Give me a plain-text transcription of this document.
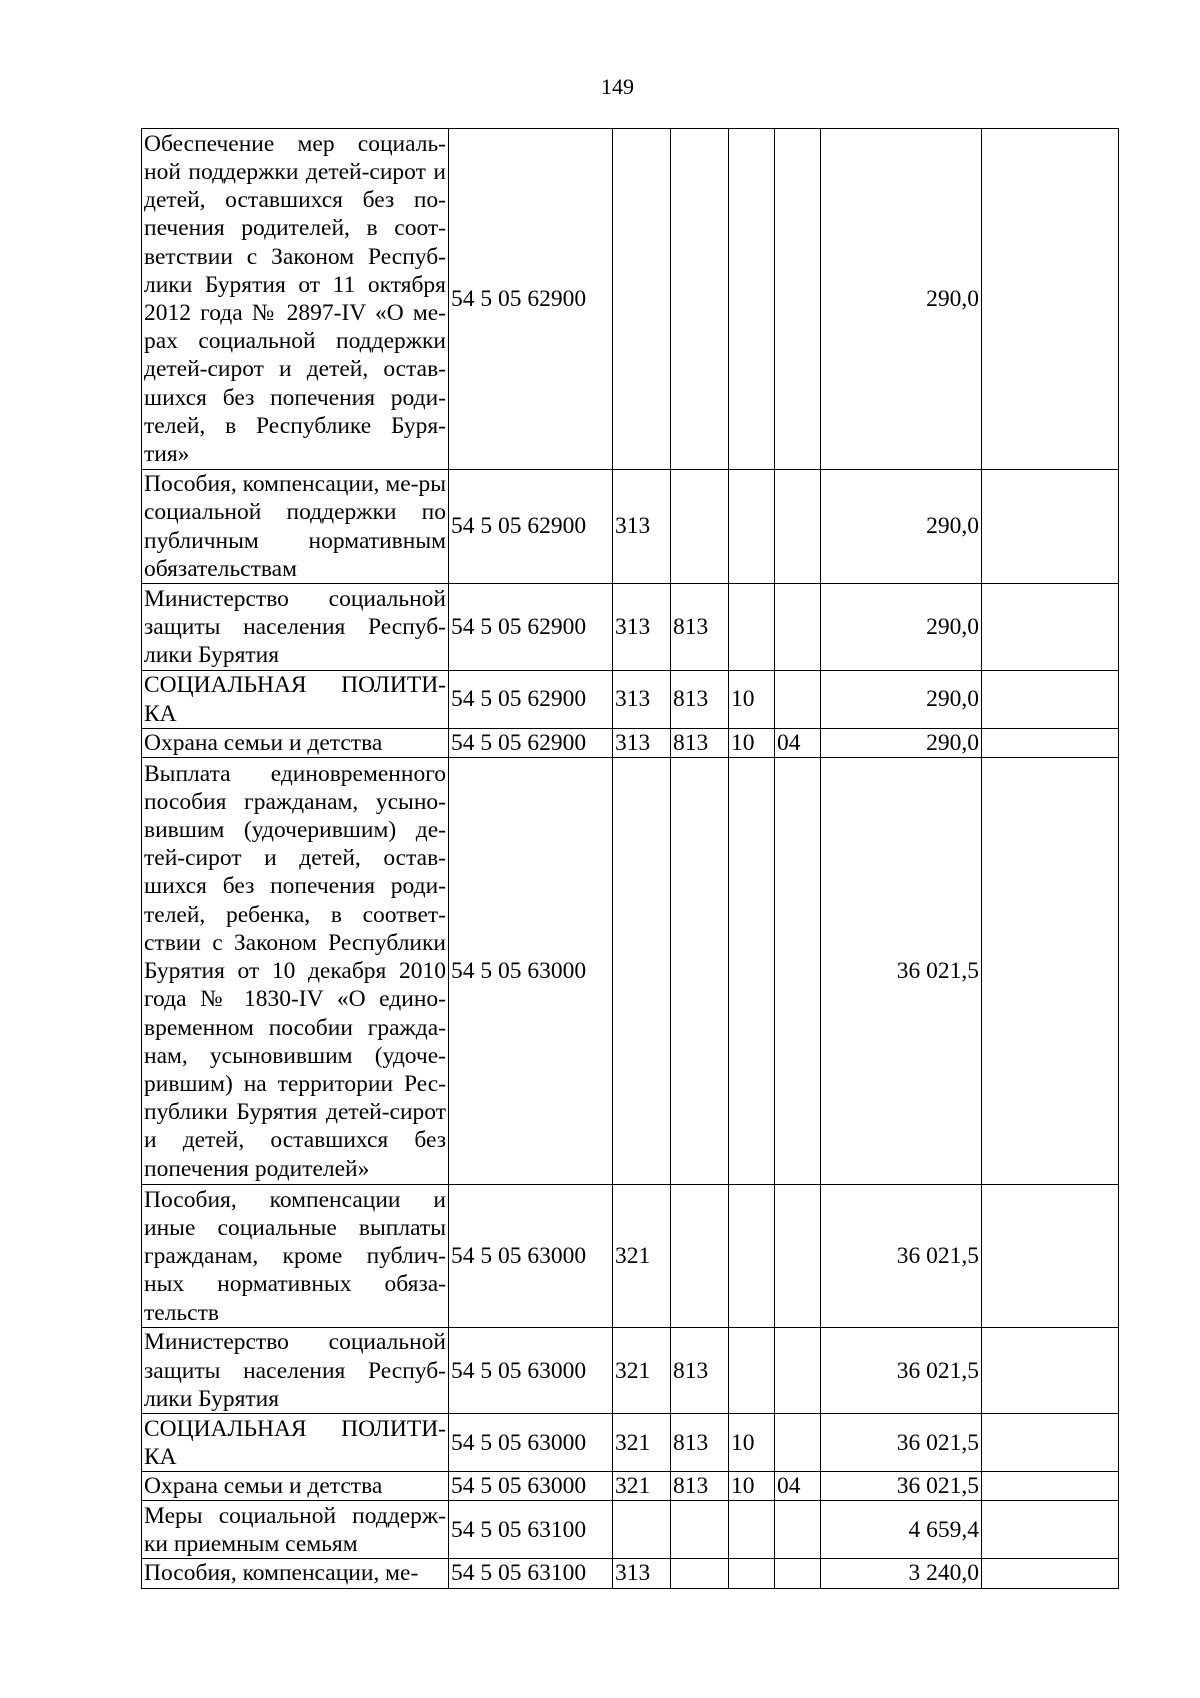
149
Обеспечение мер социаль-ной поддержки детей-сирот и детей, оставшихся без по-печения родителей, в соот-ветствии с Законом Респуб-лики Бурятия от 11 октября 2012 года № 2897-IV «О ме-рах социальной поддержки детей-сирот и детей, остав-шихся без попечения роди-телей, в Республике Буря-тия»	54 5 05 62900					290,0	
Пособия, компенсации, ме-ры социальной поддержки по публичным нормативным обязательствам	54 5 05 62900	313				290,0	
Министерство социальной защиты населения Респуб-лики Бурятия	54 5 05 62900	313	813			290,0	
СОЦИАЛЬНАЯ ПОЛИТИ-КА	54 5 05 62900	313	813	10		290,0	
Охрана семьи и детства	54 5 05 62900	313	813	10	04	290,0	
Выплата единовременного пособия гражданам, усыно-вившим (удочерившим) де-тей-сирот и детей, остав-шихся без попечения роди-телей, ребенка, в соответ-ствии с Законом Республики Бурятия от 10 декабря 2010 года № 1830-IV «О едино-временном пособии гражда-нам, усыновившим (удоче-рившим) на территории Рес-публики Бурятия детей-сирот и детей, оставшихся без попечения родителей»	54 5 05 63000					36 021,5	
Пособия, компенсации и иные социальные выплаты гражданам, кроме публич-ных нормативных обяза-тельств	54 5 05 63000	321				36 021,5	
Министерство социальной защиты населения Респуб-лики Бурятия	54 5 05 63000	321	813			36 021,5	
СОЦИАЛЬНАЯ ПОЛИТИ-КА	54 5 05 63000	321	813	10		36 021,5	
Охрана семьи и детства	54 5 05 63000	321	813	10	04	36 021,5	
Меры социальной поддерж-ки приемным семьям	54 5 05 63100					4 659,4	
Пособия, компенсации, ме-	54 5 05 63100	313				3 240,0	
